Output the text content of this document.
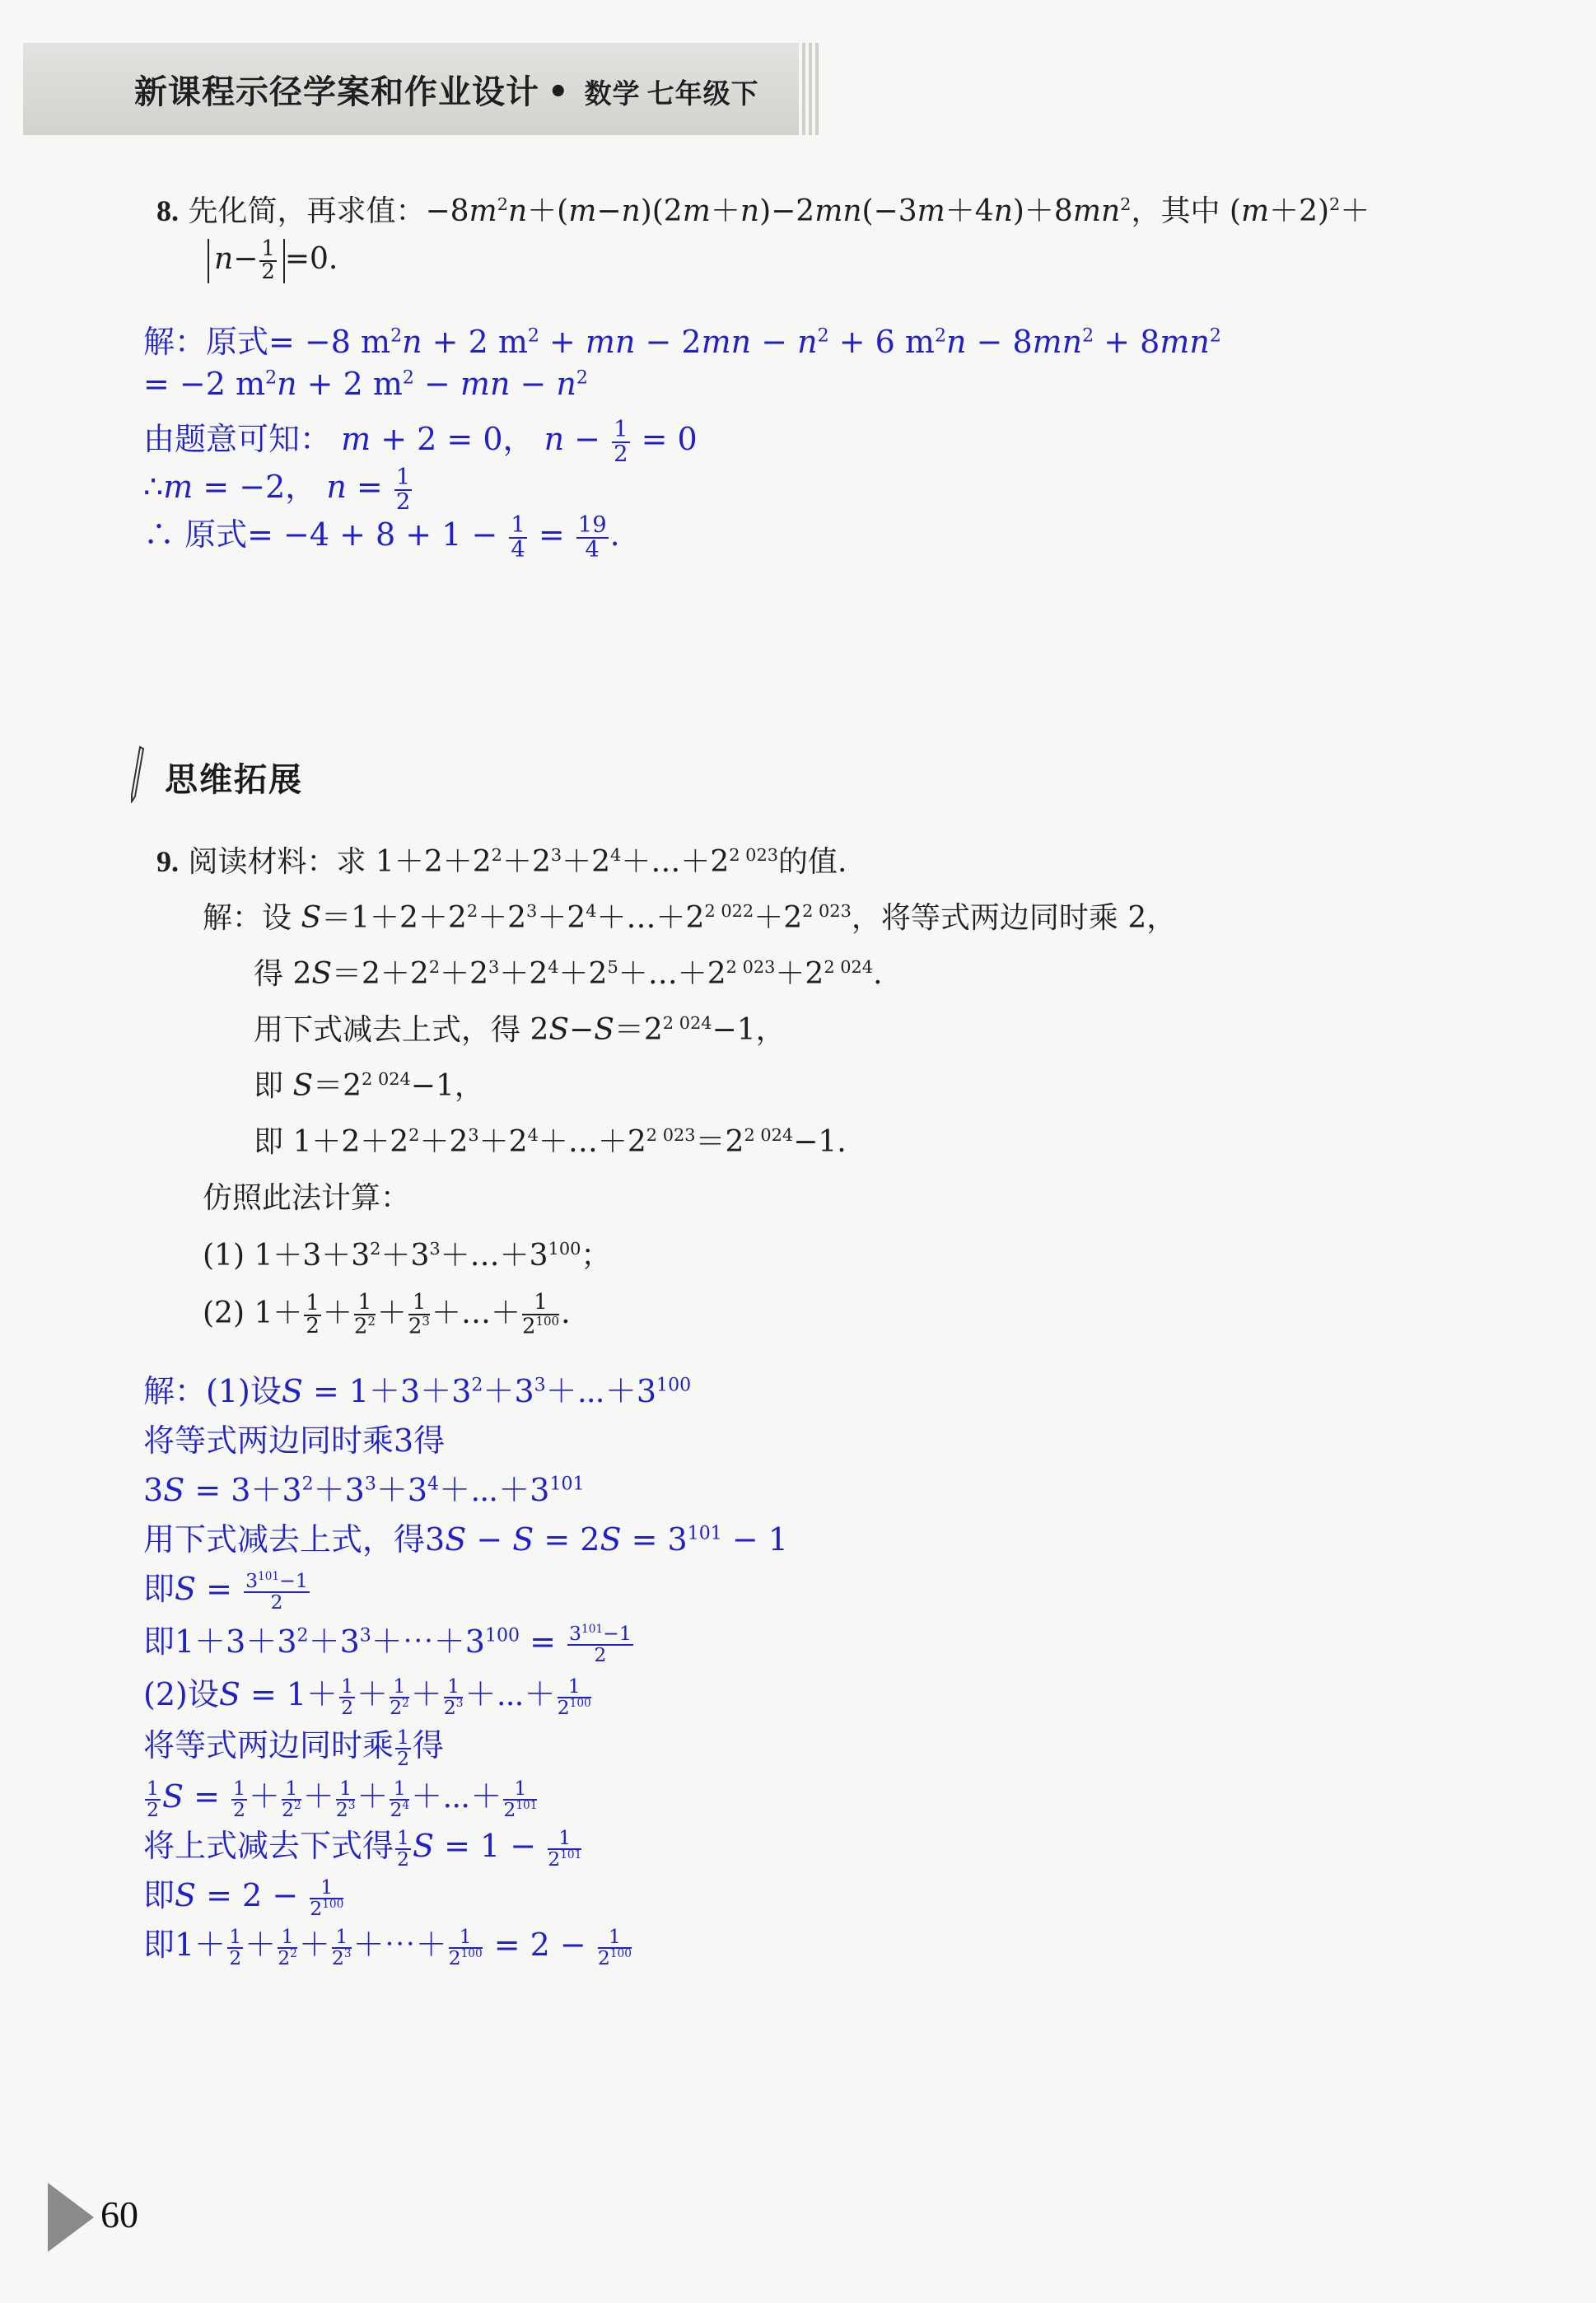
新课程示径学案和作业设计 • 数学 七年级下
8. 先化简，再求值：$-8m^2n+(m-n)(2m+n)-2mn(-3m+4n)+8mn^2$，其中 $(m+2)^2+$
$n- \frac{1}{2} =0$.
解：原式= −8 $m^2n + 2$ $m^2$ + mn − $2mn - n^2 + 6$ $m^2n - 8mn^2 + 8mn^2$
= −2 $m^2n + 2$ $m^2$ − mn − $n^2$
由题意可知： m + 2 = 0， $n - \frac{1}{2} = 0$
∴m = −2， $n = \frac{1}{2}$
∴ 原式= $-4 + 8 + 1 - \frac{1}{4} = \frac{19}{4}$ .
思维拓展
9. 阅读材料：求 $1+2+2^2+2^3+2^4+\dots+2^{2 023}$的值.
解：设 $S=1+2+2^2+2^3+2^4+\dots+2^{2 022}+2^{2 023}$，将等式两边同时乘 2，
得 $2S=2+2^2+2^3+2^4+2^5+\dots+2^{2 023}+2^{2 024}$.
用下式减去上式，得 $2S-S=2^{2 024}-1$，
即 $S=2^{2 024}-1$，
即 $1+2+2^2+2^3+2^4+\dots+2^{2 023}=2^{2 024}-1$.
仿照此法计算：
(1) $1+3+3^2+3^3+\dots+3^{100}$；
(2) $1+ \frac{1}{2} + \frac{1}{2^2} + \frac{1}{2^3}$ ＋…＋ $\frac{1}{2^{100}}$ .
解：(1)设$S = 1+3+3^2+3^3+\cdots+3^{100}$
将等式两边同时乘3得
$3S = 3+3^2+3^3+3^4+\cdots+3^{101}$
用下式减去上式，得$3S - S = 2S = 3^{101} - 1$
即$S = \frac{3^{101}-1}{2}$
即$1+3+3^2+3^3+\cdots+3^{100} = \frac{3^{101}-1}{2}$
(2)设$S = 1+ \frac{1}{2} + \frac{1}{2^2} + \frac{1}{2^3}$ ＋⋯＋ $\frac{1}{2^{100}}$
将等式两边同时乘 $\frac{1}{2}$ 得
$\frac{1}{2}$ $S = \frac{1}{2} + \frac{1}{2^2} + \frac{1}{2^3} + \frac{1}{2^4}$ ＋⋯＋ $\frac{1}{2^{101}}$
将上式减去下式得 $\frac{1}{2}$ $S = 1 - \frac{1}{2^{101}}$
即$S = 2 - \frac{1}{2^{100}}$
即$1+ \frac{1}{2} + \frac{1}{2^2} + \frac{1}{2^3}$ ＋⋯＋ $\frac{1}{2^{100}} = 2 - \frac{1}{2^{100}}$
60
